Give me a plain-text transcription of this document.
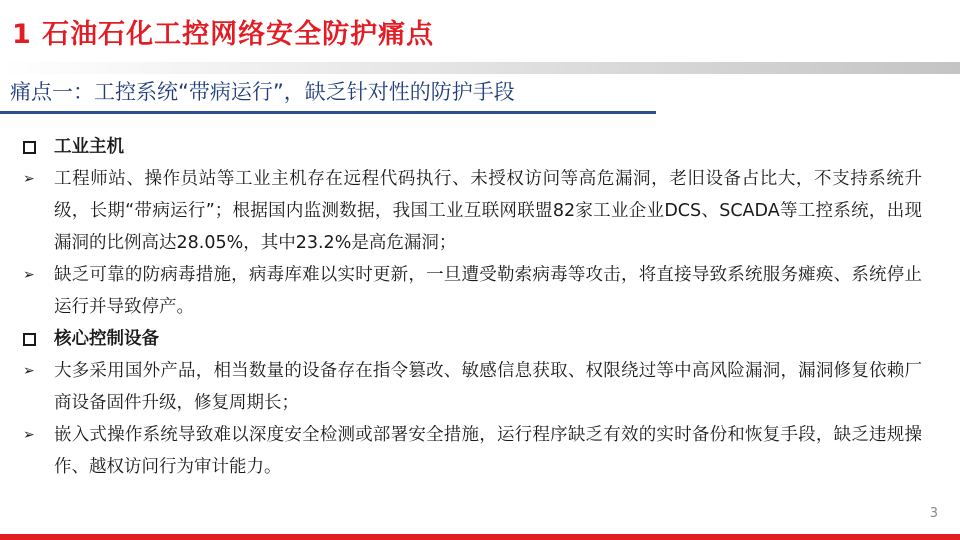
1 石油石化工控网络安全防护痛点
痛点一：工控系统“带病运行”，缺乏针对性的防护手段
工业主机
➢ 工程师站、操作员站等工业主机存在远程代码执行、未授权访问等高危漏洞，老旧设备占比大，不支持系统升级，长期“带病运行”；根据国内监测数据，我国工业互联网联盟82家工业企业DCS、SCADA等工控系统，出现漏洞的比例高达28.05%，其中23.2%是高危漏洞；
➢ 缺乏可靠的防病毒措施，病毒库难以实时更新，一旦遭受勒索病毒等攻击，将直接导致系统服务瘫痪、系统停止运行并导致停产。
核心控制设备
➢ 大多采用国外产品，相当数量的设备存在指令篡改、敏感信息获取、权限绕过等中高风险漏洞，漏洞修复依赖厂商设备固件升级，修复周期长；
➢ 嵌入式操作系统导致难以深度安全检测或部署安全措施，运行程序缺乏有效的实时备份和恢复手段，缺乏违规操作、越权访问行为审计能力。
3
